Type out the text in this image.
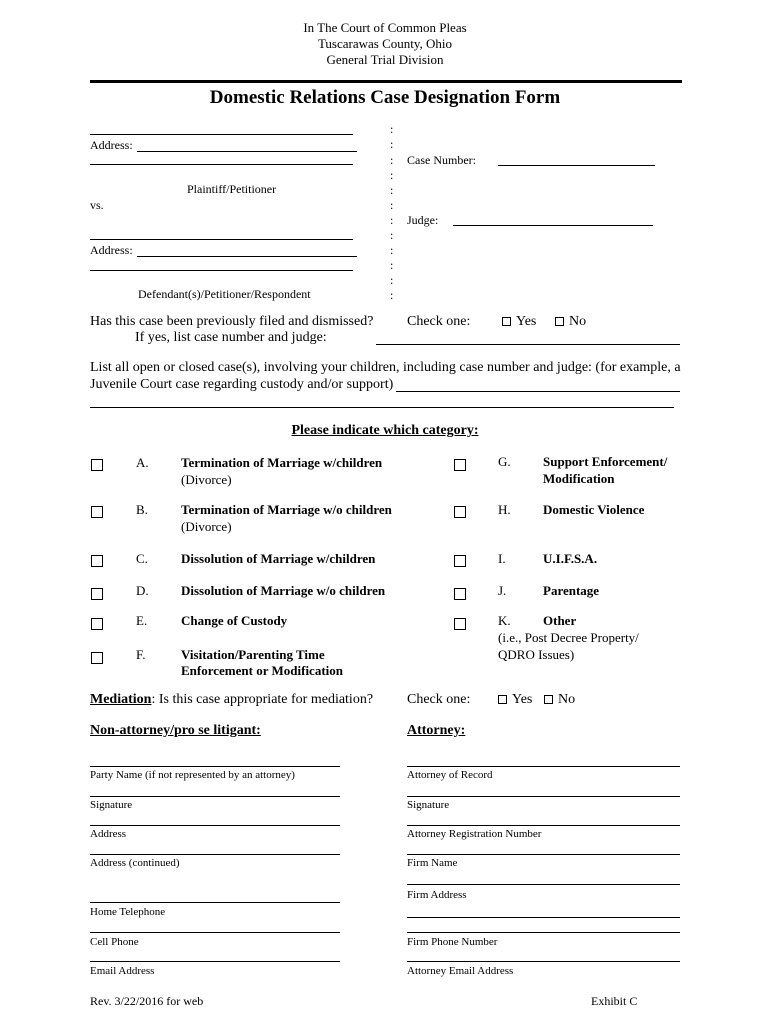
In The Court of Common Pleas
Tuscarawas County, Ohio
General Trial Division
Domestic Relations Case Designation Form
Address:
Plaintiff/Petitioner
vs.
Address:
Defendant(s)/Petitioner/Respondent
:
:
:
:
:
:
:
:
:
:
:
:
Case Number:
Judge:
Has this case been previously filed and dismissed? Check one:	Yes	No
If yes, list case number and judge:
List all open or closed case(s), involving your children, including case number and judge: (for example, a
Juvenile Court case regarding custody and/or support)
Please indicate which category:
A. Termination of Marriage w/children
(Divorce)
B.	Termination of Marriage w/o children
(Divorce)
C.	Dissolution of Marriage w/children
D. Dissolution of Marriage w/o children
E.	Change of Custody
F.	Visitation/Parenting Time
Enforcement or Modification
G. Support Enforcement/
Modification
H. Domestic Violence
I.	U.I.F.S.A.
J.	Parentage
K. Other
(i.e., Post Decree Property/
QDRO Issues)
Mediation: Is this case appropriate for mediation? Check one:	Yes	No
Non-attorney/pro se litigant:	Attorney:
Party Name (if not represented by an attorney)
Signature
Address
Address (continued)
Home Telephone
Cell Phone
Email Address
Attorney of Record
Signature
Attorney Registration Number
Firm Name
Firm Address
Firm Phone Number
Attorney Email Address
Rev. 3/22/2016 for web	Exhibit C
